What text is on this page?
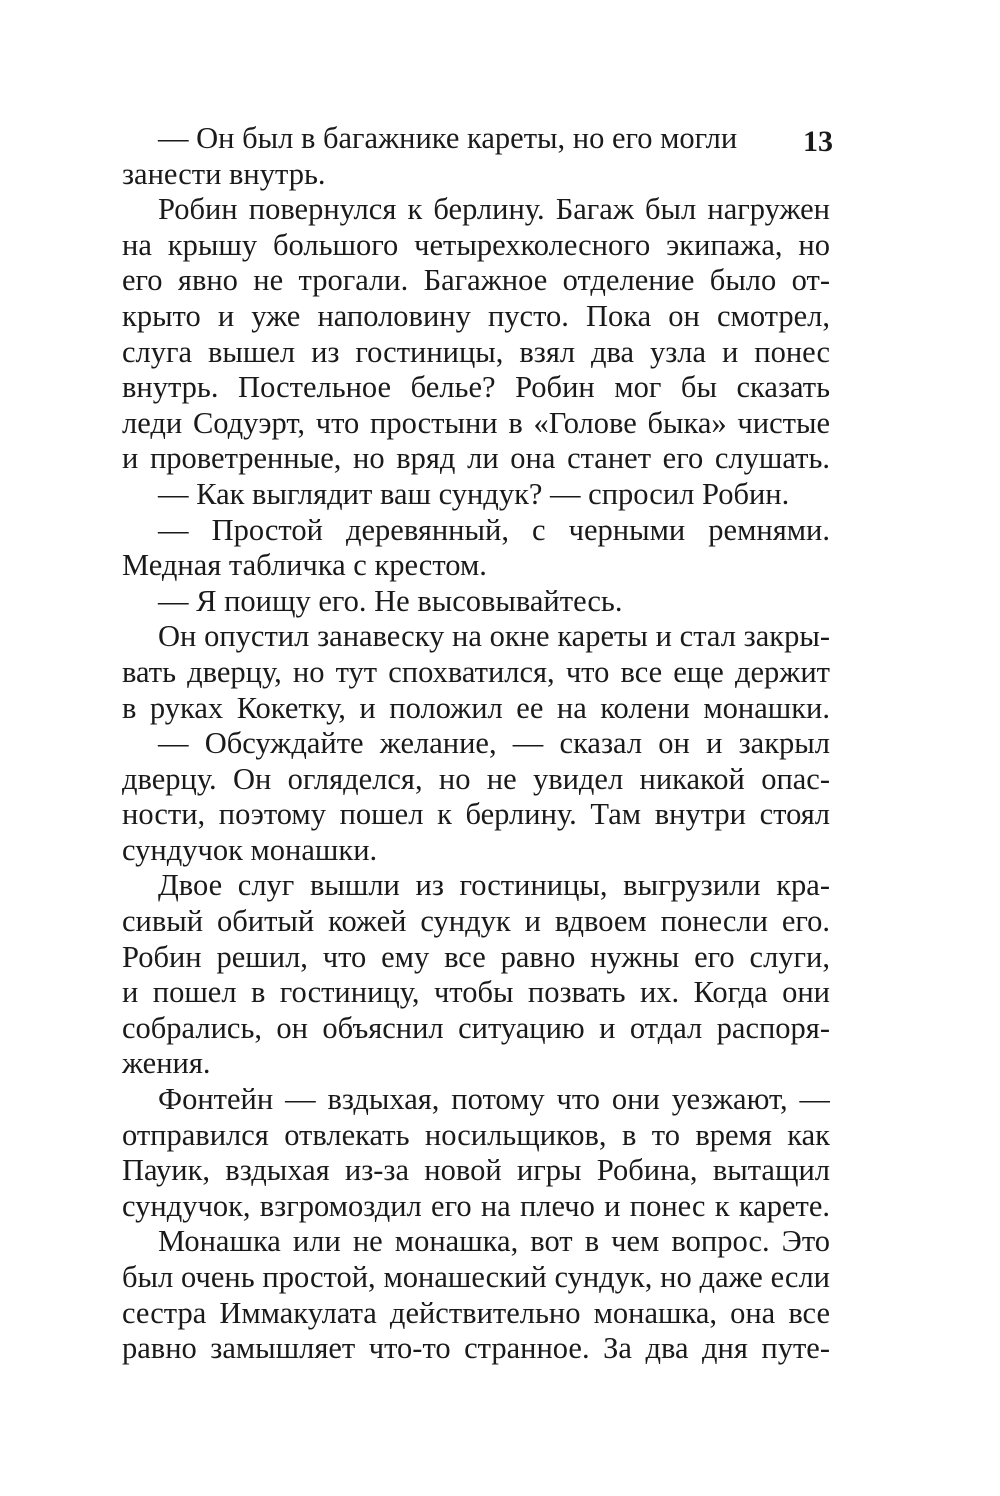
13
— Он был в багажнике кареты, но его могли
занести внутрь.
Робин повернулся к берлину. Багаж был нагружен
на крышу большого четырехколесного экипажа, но
его явно не трогали. Багажное отделение было от-
крыто и уже наполовину пусто. Пока он смотрел,
слуга вышел из гостиницы, взял два узла и понес
внутрь. Постельное белье? Робин мог бы сказать
леди Содуэрт, что простыни в «Голове быка» чистые
и проветренные, но вряд ли она станет его слушать.
— Как выглядит ваш сундук? — спросил Робин.
— Простой деревянный, с черными ремнями.
Медная табличка с крестом.
— Я поищу его. Не высовывайтесь.
Он опустил занавеску на окне кареты и стал закры-
вать дверцу, но тут спохватился, что все еще держит
в руках Кокетку, и положил ее на колени монашки.
— Обсуждайте желание, — сказал он и закрыл
дверцу. Он огляделся, но не увидел никакой опас-
ности, поэтому пошел к берлину. Там внутри стоял
сундучок монашки.
Двое слуг вышли из гостиницы, выгрузили кра-
сивый обитый кожей сундук и вдвоем понесли его.
Робин решил, что ему все равно нужны его слуги,
и пошел в гостиницу, чтобы позвать их. Когда они
собрались, он объяснил ситуацию и отдал распоря-
жения.
Фонтейн — вздыхая, потому что они уезжают, —
отправился отвлекать носильщиков, в то время как
Пауик, вздыхая из-за новой игры Робина, вытащил
сундучок, взгромоздил его на плечо и понес к карете.
Монашка или не монашка, вот в чем вопрос. Это
был очень простой, монашеский сундук, но даже если
сестра Иммакулата действительно монашка, она все
равно замышляет что-то странное. За два дня путе-
